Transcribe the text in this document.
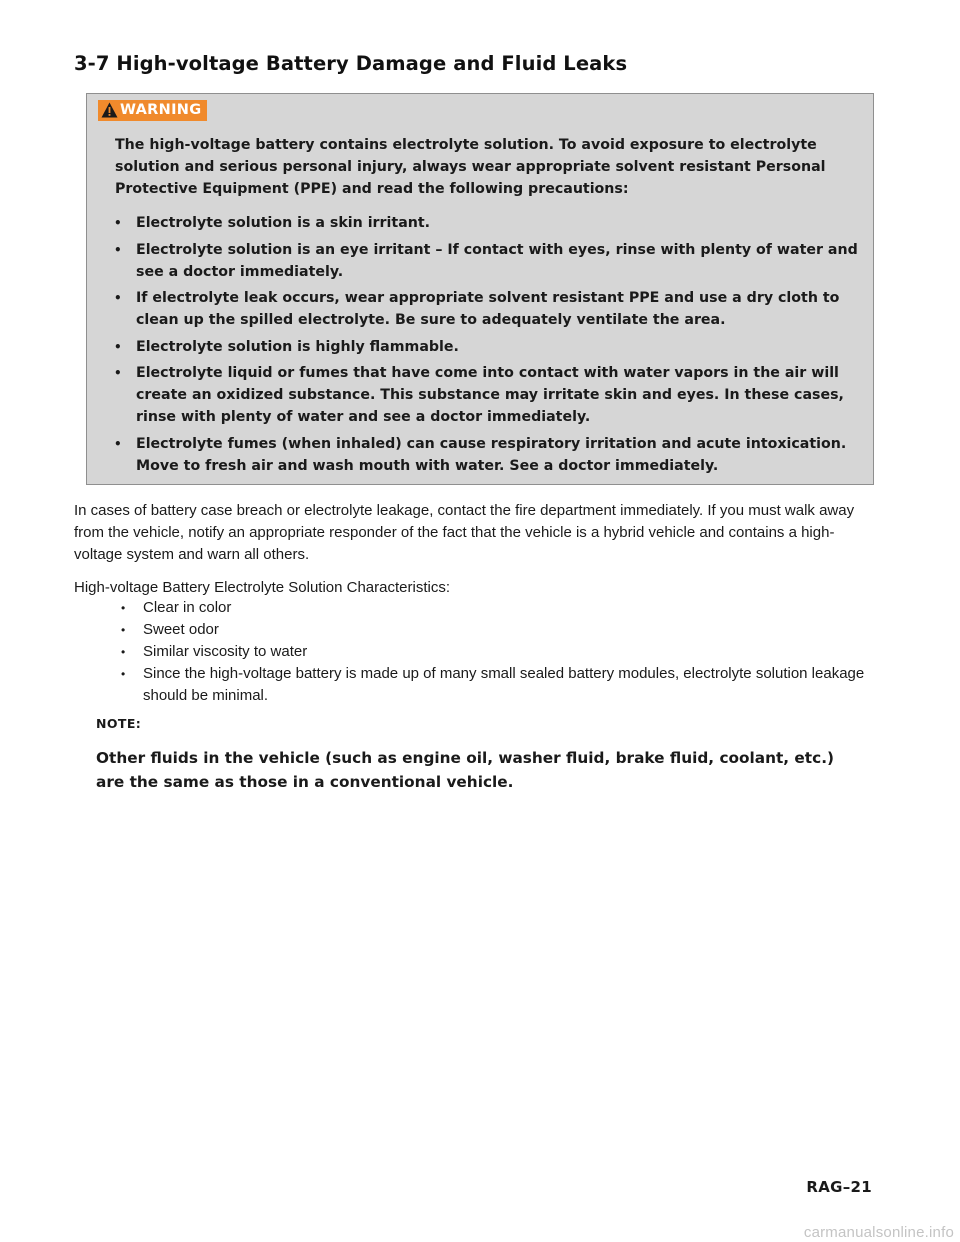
3-7 High-voltage Battery Damage and Fluid Leaks
WARNING

The high-voltage battery contains electrolyte solution. To avoid exposure to electrolyte solution and serious personal injury, always wear appropriate solvent resistant Personal Protective Equipment (PPE) and read the following precautions:

• Electrolyte solution is a skin irritant.
• Electrolyte solution is an eye irritant – If contact with eyes, rinse with plenty of water and see a doctor immediately.
• If electrolyte leak occurs, wear appropriate solvent resistant PPE and use a dry cloth to clean up the spilled electrolyte. Be sure to adequately ventilate the area.
• Electrolyte solution is highly flammable.
• Electrolyte liquid or fumes that have come into contact with water vapors in the air will create an oxidized substance. This substance may irritate skin and eyes. In these cases, rinse with plenty of water and see a doctor immediately.
• Electrolyte fumes (when inhaled) can cause respiratory irritation and acute intoxication. Move to fresh air and wash mouth with water. See a doctor immediately.

In cases of battery case breach or electrolyte leakage, contact the fire department immediately. If you must walk away from the vehicle, notify an appropriate responder of the fact that the vehicle is a hybrid vehicle and contains a high-voltage system and warn all others.

High-voltage Battery Electrolyte Solution Characteristics:

• Clear in color
• Sweet odor
• Similar viscosity to water
• Since the high-voltage battery is made up of many small sealed battery modules, electrolyte solution leakage should be minimal.

NOTE:

Other fluids in the vehicle (such as engine oil, washer fluid, brake fluid, coolant, etc.) are the same as those in a conventional vehicle.

RAG–21

carmanualsonline.info
